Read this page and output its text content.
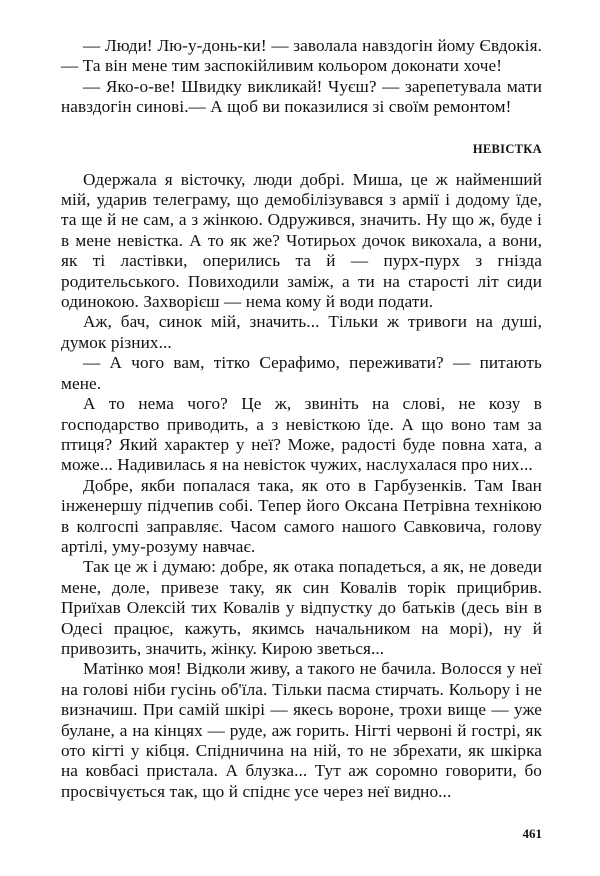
— Люди! Лю-у-донь-ки! — заволала навздогін йому Євдокія.— Та він мене тим заспокійливим кольором доконати хоче!

— Яко-о-ве! Швидку викликай! Чуєш? — зарепетувала мати навздогін синові.— А щоб ви показилися зі своїм ремонтом!

НЕВІСТКА

Одержала я вісточку, люди добрі. Миша, це ж найменший мій, ударив телеграму, що демобілізувався з армії і додому їде, та ще й не сам, а з жінкою. Одружився, значить. Ну що ж, буде і в мене невістка. А то як же? Чотирьох дочок викохала, а вони, як ті ластівки, оперились та й — пурх-пурх з гнізда родительського. Повиходили заміж, а ти на старості літ сиди одинокою. Захворієш — нема кому й води подати.

Аж, бач, синок мій, значить... Тільки ж тривоги на душі, думок різних...

— А чого вам, тітко Серафимо, переживати? — питають мене.

А то нема чого? Це ж, звиніть на слові, не козу в господарство приводить, а з невісткою їде. А що воно там за птиця? Який характер у неї? Може, радості буде повна хата, а може... Надивилась я на невісток чужих, наслухалася про них...

Добре, якби попалася така, як ото в Гарбузенків. Там Іван інженершу підчепив собі. Тепер його Оксана Петрівна технікою в колгоспі заправляє. Часом самого нашого Савковича, голову артілі, уму-розуму навчає.

Так це ж і думаю: добре, як отака попадеться, а як, не доведи мене, доле, привезе таку, як син Ковалів торік прицибрив. Приїхав Олексій тих Ковалів у відпустку до батьків (десь він в Одесі працює, кажуть, якимсь начальником на морі), ну й привозить, значить, жінку. Кирою зветься...

Матінко моя! Відколи живу, а такого не бачила. Волосся у неї на голові ніби гусінь об'їла. Тільки пасма стирчать. Кольору і не визначиш. При самій шкірі — якесь вороне, трохи вище — уже булане, а на кінцях — руде, аж горить. Нігті червоні й гострі, як ото кігті у кібця. Спідничина на ній, то не збрехати, як шкірка на ковбасі пристала. А блузка... Тут аж соромно говорити, бо просвічується так, що й спіднє усе через неї видно...

461
